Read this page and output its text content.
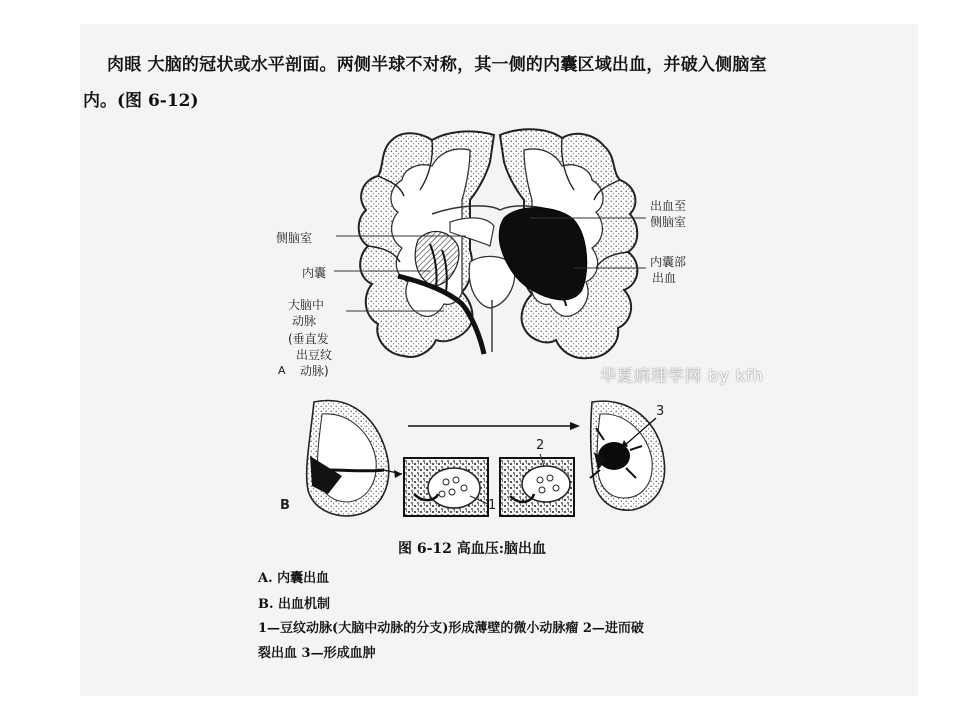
肉眼 大脑的冠状或水平剖面。两侧半球不对称，其一侧的内囊区域出血，并破入侧脑室
内。(图 6-12)
侧脑室
内囊
大脑中
动脉
(垂直发
出豆纹
动脉)
A
出血至
侧脑室
内囊部
出血
华夏病理学网 by kfh
B	1
2
3
图 6-12 高血压:脑出血
A. 内囊出血
B. 出血机制
1—豆纹动脉(大脑中动脉的分支)形成薄壁的微小动脉瘤 2—进而破
裂出血 3—形成血肿
